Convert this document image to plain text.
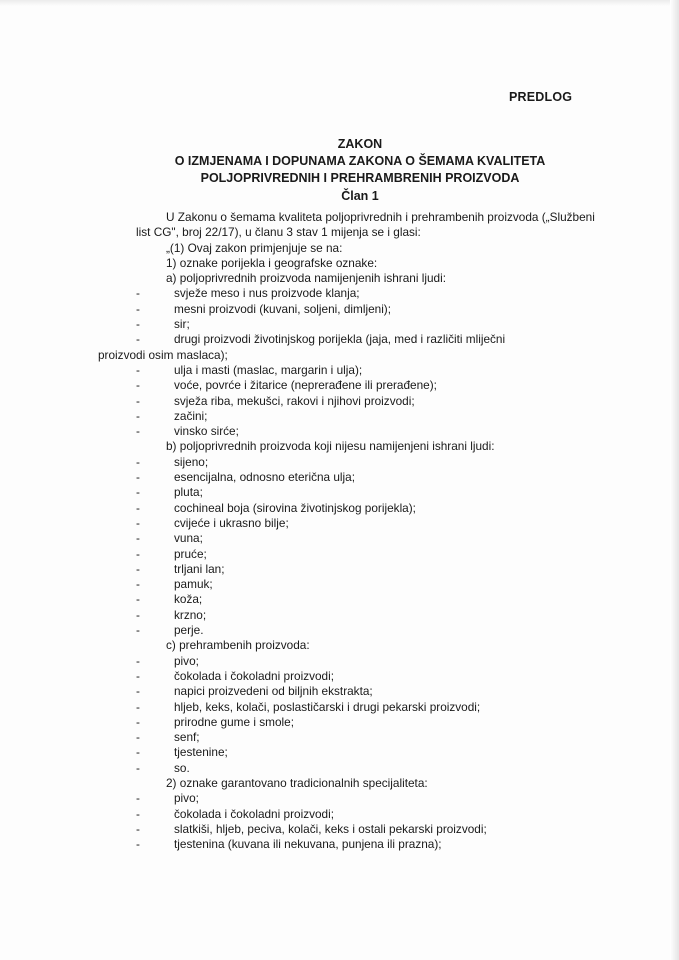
PREDLOG
ZAKON
O IZMJENAMA I DOPUNAMA ZAKONA O ŠEMAMA KVALITETA
POLJOPRIVREDNIH I PREHRAMBRENIH PROIZVODA
Član 1

U Zakonu o šemama kvaliteta poljoprivrednih i prehrambenih proizvoda („Službeni list CG", broj 22/17), u članu 3 stav 1 mijenja se i glasi:

„(1) Ovaj zakon primjenjuje se na:

1) oznake porijekla i geografske oznake:

a) poljoprivrednih proizvoda namijenjenih ishrani ljudi:

-	svježe meso i nus proizvode klanja;

-	mesni proizvodi (kuvani, soljeni, dimljeni);

-	sir;

-	drugi proizvodi životinjskog porijekla (jaja, med i različiti mliječni
proizvodi osim maslaca);

-	ulja i masti (maslac, margarin i ulja);

-	voće, povrće i žitarice (neprerađene ili prerađene);

-	svježa riba, mekušci, rakovi i njihovi proizvodi;

-	začini;

-	vinsko sirće;

b) poljoprivrednih proizvoda koji nijesu namijenjeni ishrani ljudi:

-	sijeno;

-	esencijalna, odnosno eterična ulja;

-	pluta;

-	cochineal boja (sirovina životinjskog porijekla);

-	cvijeće i ukrasno bilje;

-	vuna;

-	pruće;

-	trljani lan;

-	pamuk;

-	koža;

-	krzno;

-	perje.

c) prehrambenih proizvoda:

-	pivo;

-	čokolada i čokoladni proizvodi;

-	napici proizvedeni od biljnih ekstrakta;

-	hljeb, keks, kolači, poslastičarski i drugi pekarski proizvodi;

-	prirodne gume i smole;

-	senf;

-	tjestenine;

-	so.

2) oznake garantovano tradicionalnih specijaliteta:

-	pivo;

-	čokolada i čokoladni proizvodi;

-	slatkiši, hljeb, peciva, kolači, keks i ostali pekarski proizvodi;

-	tjestenina (kuvana ili nekuvana, punjena ili prazna);
